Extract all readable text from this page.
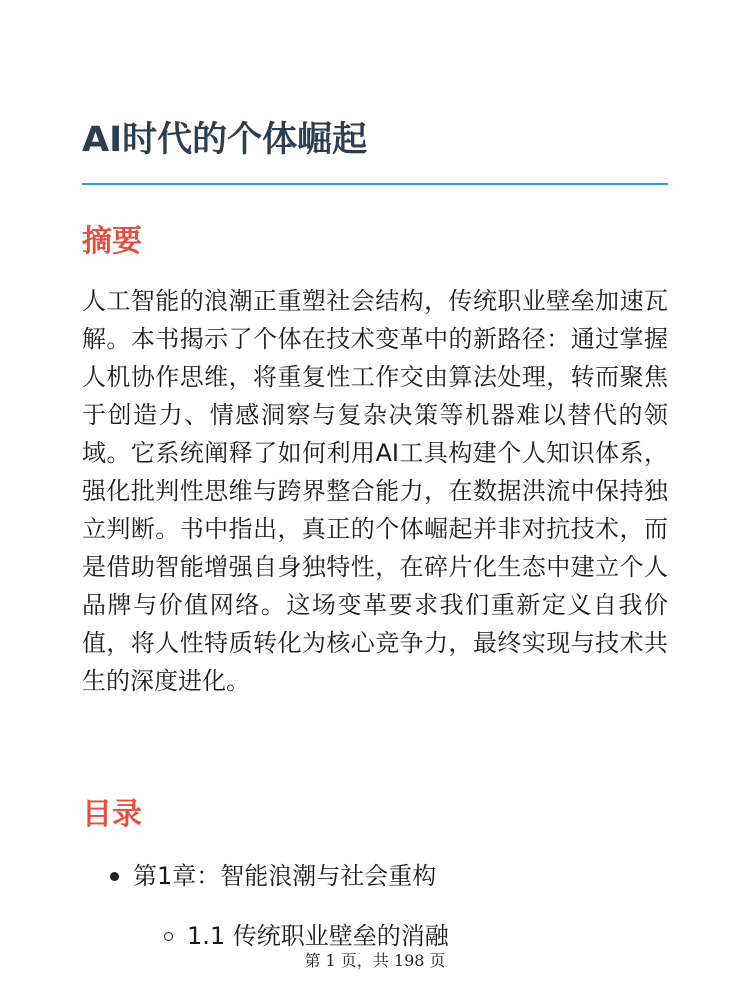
AI时代的个体崛起
摘要

人工智能的浪潮正重塑社会结构，传统职业壁垒加速瓦解。本书揭示了个体在技术变革中的新路径：通过掌握人机协作思维，将重复性工作交由算法处理，转而聚焦于创造力、情感洞察与复杂决策等机器难以替代的领域。它系统阐释了如何利用AI工具构建个人知识体系，强化批判性思维与跨界整合能力，在数据洪流中保持独立判断。书中指出，真正的个体崛起并非对抗技术，而是借助智能增强自身独特性，在碎片化生态中建立个人品牌与价值网络。这场变革要求我们重新定义自我价值，将人性特质转化为核心竞争力，最终实现与技术共生的深度进化。

目录
第1章：智能浪潮与社会重构
1.1 传统职业壁垒的消融
第 1 页，共 198 页
